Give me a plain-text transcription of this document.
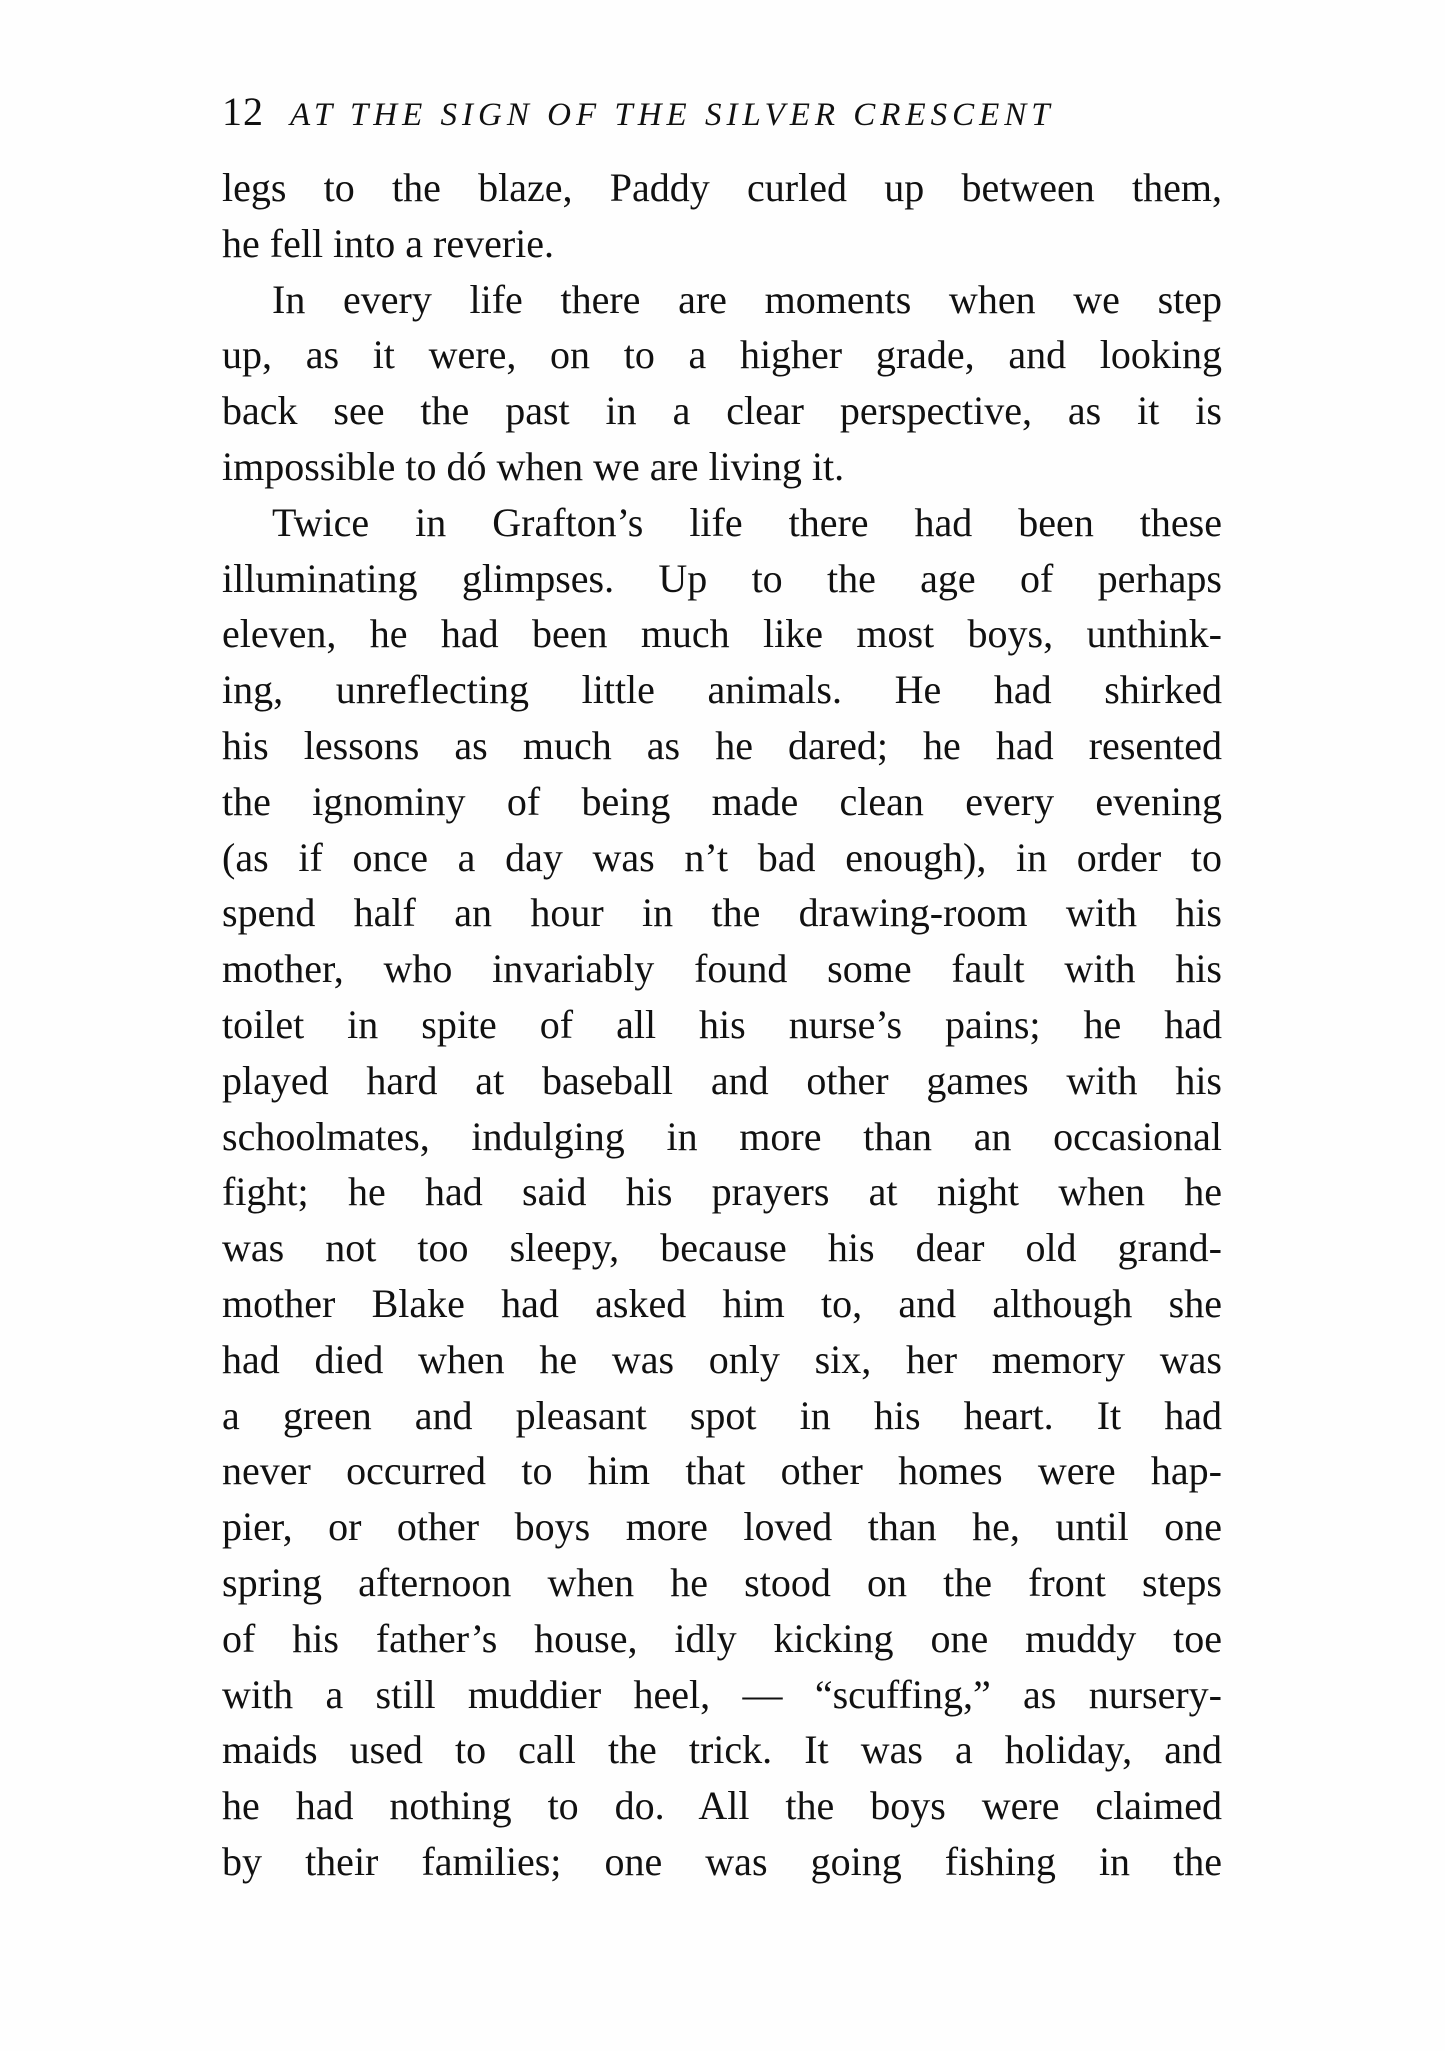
12 AT THE SIGN OF THE SILVER CRESCENT
legs to the blaze, Paddy curled up between them,
he fell into a reverie.
In every life there are moments when we step
up, as it were, on to a higher grade, and looking
back see the past in a clear perspective, as it is
impossible to dó when we are living it.
Twice in Grafton’s life there had been these
illuminating glimpses. Up to the age of perhaps
eleven, he had been much like most boys, unthink-
ing, unreflecting little animals. He had shirked
his lessons as much as he dared; he had resented
the ignominy of being made clean every evening
(as if once a day was n’t bad enough), in order to
spend half an hour in the drawing-room with his
mother, who invariably found some fault with his
toilet in spite of all his nurse’s pains; he had
played hard at baseball and other games with his
schoolmates, indulging in more than an occasional
fight; he had said his prayers at night when he
was not too sleepy, because his dear old grand-
mother Blake had asked him to, and although she
had died when he was only six, her memory was
a green and pleasant spot in his heart. It had
never occurred to him that other homes were hap-
pier, or other boys more loved than he, until one
spring afternoon when he stood on the front steps
of his father’s house, idly kicking one muddy toe
with a still muddier heel, — “scuffing,” as nursery-
maids used to call the trick. It was a holiday, and
he had nothing to do. All the boys were claimed
by their families; one was going fishing in the
